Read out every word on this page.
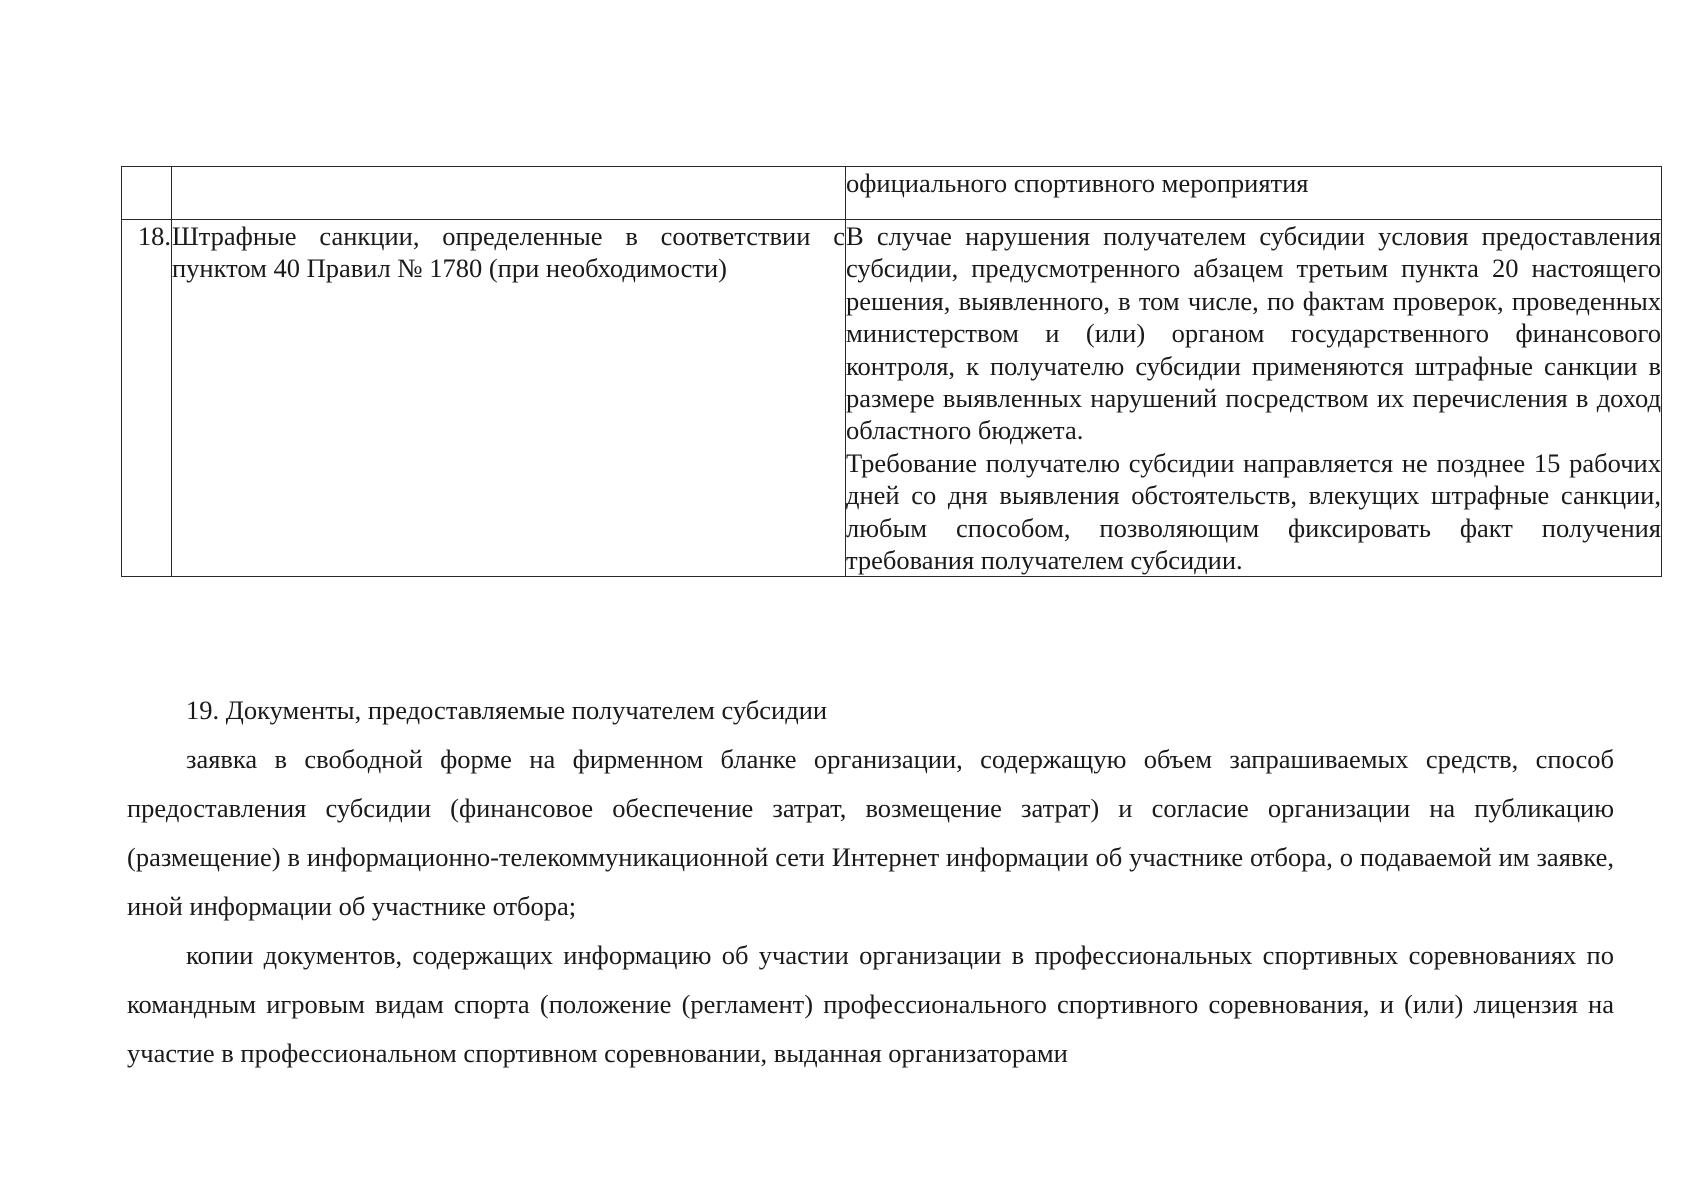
		официального спортивного мероприятия
18.	Штрафные санкции, определенные в соответствии с пунктом 40 Правил № 1780 (при необходимости)	В случае нарушения получателем субсидии условия предоставления субсидии, предусмотренного абзацем третьим пункта 20 настоящего решения, выявленного, в том числе, по фактам проверок, проведенных министерством и (или) органом государственного финансового контроля, к получателю субсидии применяются штрафные санкции в размере выявленных нарушений посредством их перечисления в доход областного бюджета.
Требование получателю субсидии направляется не позднее 15 рабочих дней со дня выявления обстоятельств, влекущих штрафные санкции, любым способом, позволяющим фиксировать факт получения требования получателем субсидии.
19. Документы, предоставляемые получателем субсидии
заявка в свободной форме на фирменном бланке организации, содержащую объем запрашиваемых средств, способ предоставления субсидии (финансовое обеспечение затрат, возмещение затрат) и согласие организации на публикацию (размещение) в информационно-телекоммуникационной сети Интернет информации об участнике отбора, о подаваемой им заявке, иной информации об участнике отбора;
копии документов, содержащих информацию об участии организации в профессиональных спортивных соревнованиях по командным игровым видам спорта (положение (регламент) профессионального спортивного соревнования, и (или) лицензия на участие в профессиональном спортивном соревновании, выданная организаторами
